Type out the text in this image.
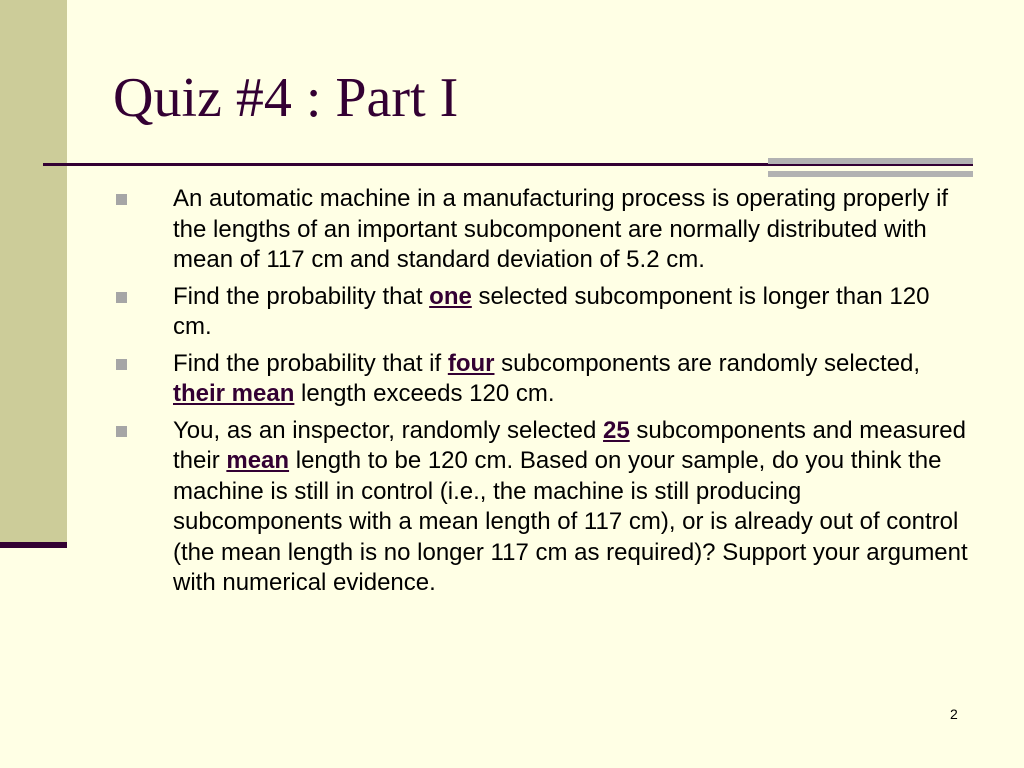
Quiz #4 : Part I
An automatic machine in a manufacturing process is operating properly if the lengths of an important subcomponent are normally distributed with mean of 117 cm and standard deviation of 5.2 cm.
Find the probability that one selected subcomponent is longer than 120 cm.
Find the probability that if four subcomponents are randomly selected, their mean length exceeds 120 cm.
You, as an inspector, randomly selected 25 subcomponents and measured their mean length to be 120 cm. Based on your sample, do you think the machine is still in control (i.e., the machine is still producing subcomponents with a mean length of 117 cm), or is already out of control (the mean length is no longer 117 cm as required)? Support your argument with numerical evidence.
2
